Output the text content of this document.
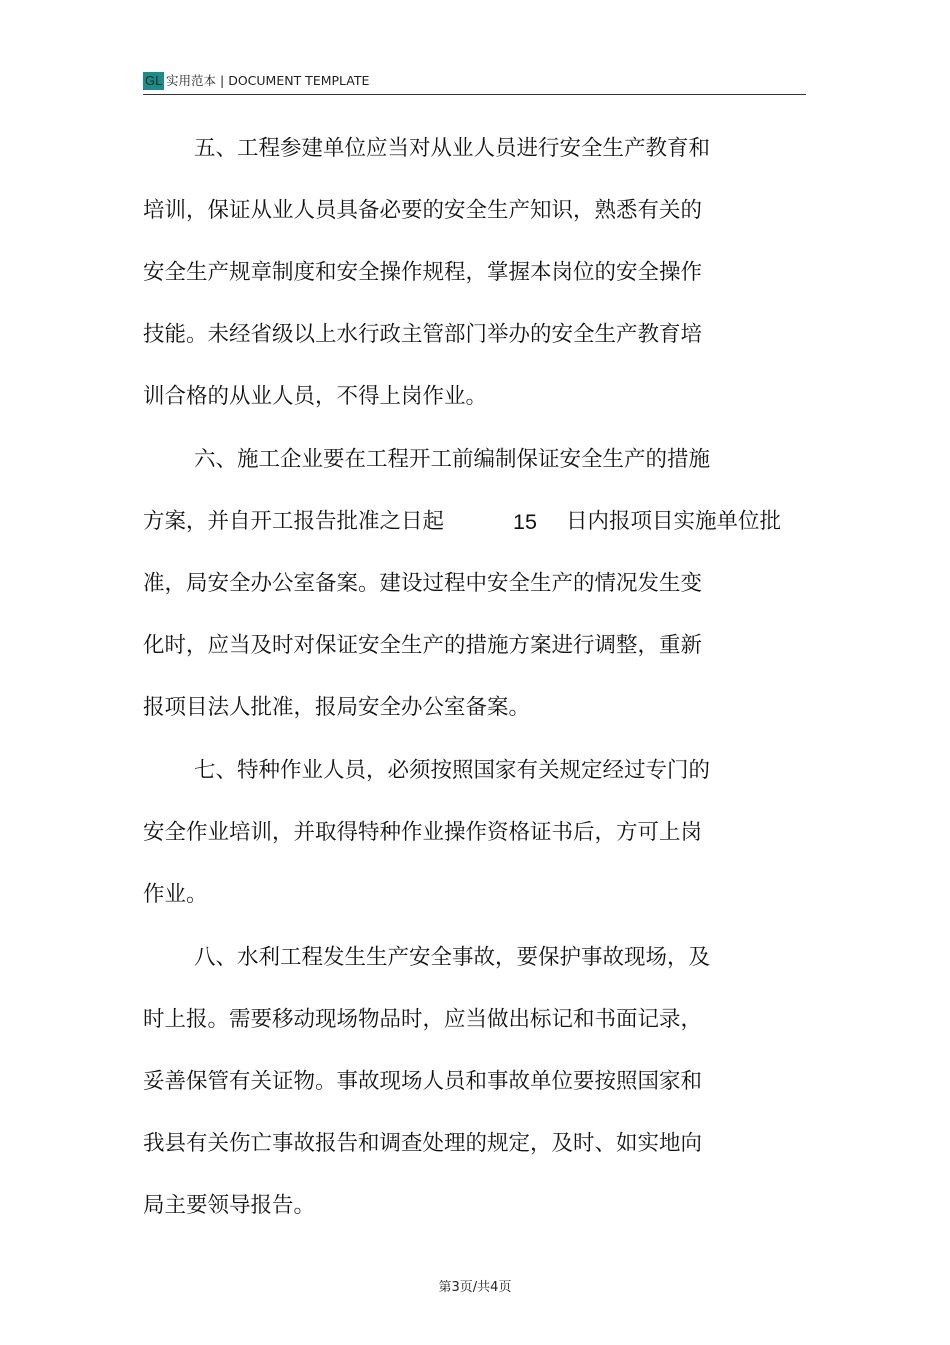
GL 实用范本 | DOCUMENT TEMPLATE
五、工程参建单位应当对从业人员进行安全生产教育和
培训，保证从业人员具备必要的安全生产知识，熟悉有关的
安全生产规章制度和安全操作规程，掌握本岗位的安全操作
技能。未经省级以上水行政主管部门举办的安全生产教育培
训合格的从业人员，不得上岗作业。
六、施工企业要在工程开工前编制保证安全生产的措施
方案，并自开工报告批准之日起	15 日内报项目实施单位批
准，局安全办公室备案。建设过程中安全生产的情况发生变
化时，应当及时对保证安全生产的措施方案进行调整，重新
报项目法人批准，报局安全办公室备案。
七、特种作业人员，必须按照国家有关规定经过专门的
安全作业培训，并取得特种作业操作资格证书后，方可上岗
作业。
八、水利工程发生生产安全事故，要保护事故现场，及
时上报。需要移动现场物品时，应当做出标记和书面记录，
妥善保管有关证物。事故现场人员和事故单位要按照国家和
我县有关伤亡事故报告和调查处理的规定，及时、如实地向
局主要领导报告。
第3页/共4页
